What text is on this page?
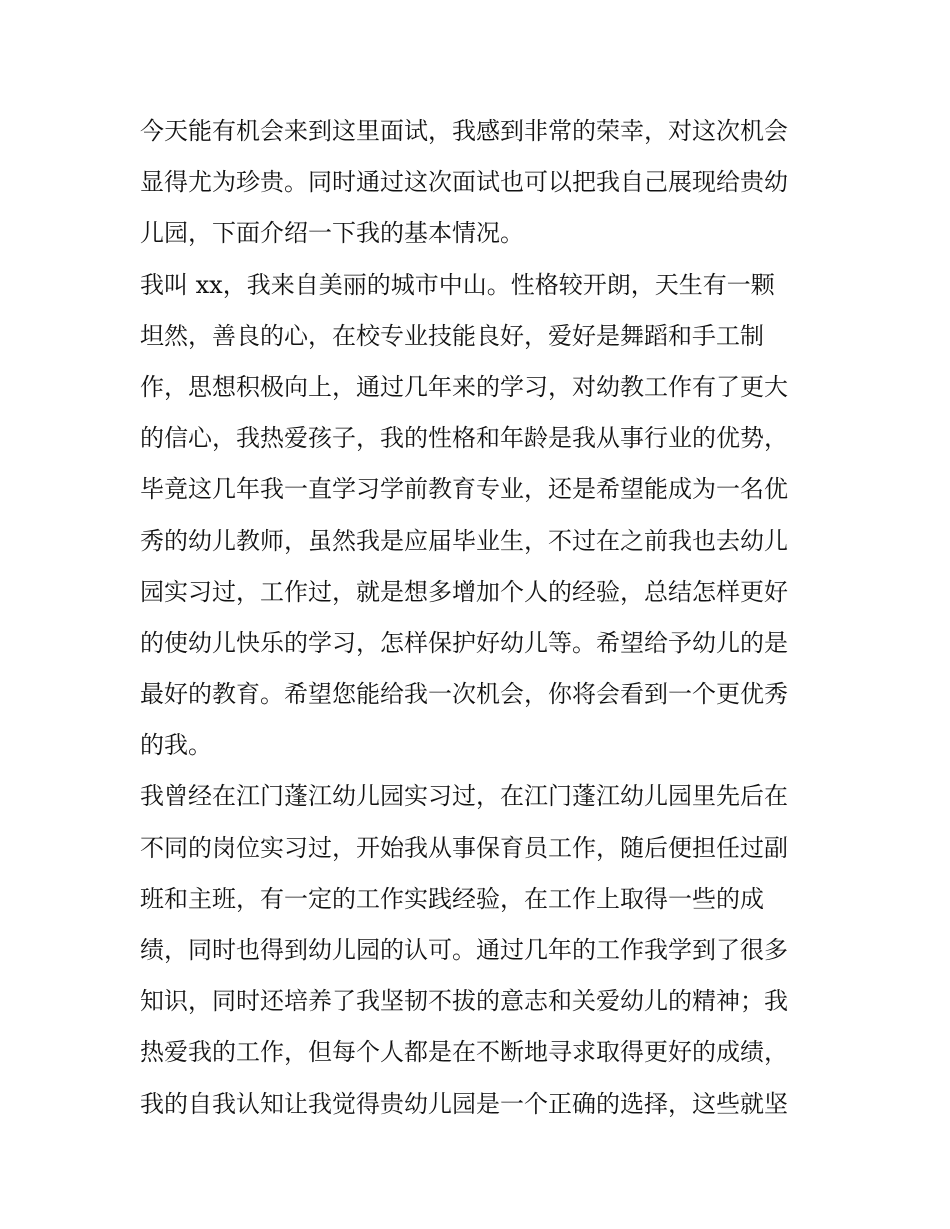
今天能有机会来到这里面试，我感到非常的荣幸，对这次机会
显得尤为珍贵。同时通过这次面试也可以把我自己展现给贵幼
儿园，下面介绍一下我的基本情况。
我叫 xx，我来自美丽的城市中山。性格较开朗，天生有一颗
坦然，善良的心，在校专业技能良好，爱好是舞蹈和手工制
作，思想积极向上，通过几年来的学习，对幼教工作有了更大
的信心，我热爱孩子，我的性格和年龄是我从事行业的优势，
毕竟这几年我一直学习学前教育专业，还是希望能成为一名优
秀的幼儿教师，虽然我是应届毕业生，不过在之前我也去幼儿
园实习过，工作过，就是想多增加个人的经验，总结怎样更好
的使幼儿快乐的学习，怎样保护好幼儿等。希望给予幼儿的是
最好的教育。希望您能给我一次机会，你将会看到一个更优秀
的我。
我曾经在江门蓬江幼儿园实习过，在江门蓬江幼儿园里先后在
不同的岗位实习过，开始我从事保育员工作，随后便担任过副
班和主班，有一定的工作实践经验，在工作上取得一些的成
绩，同时也得到幼儿园的认可。通过几年的工作我学到了很多
知识，同时还培养了我坚韧不拔的意志和关爱幼儿的精神；我
热爱我的工作，但每个人都是在不断地寻求取得更好的成绩，
我的自我认知让我觉得贵幼儿园是一个正确的选择，这些就坚
